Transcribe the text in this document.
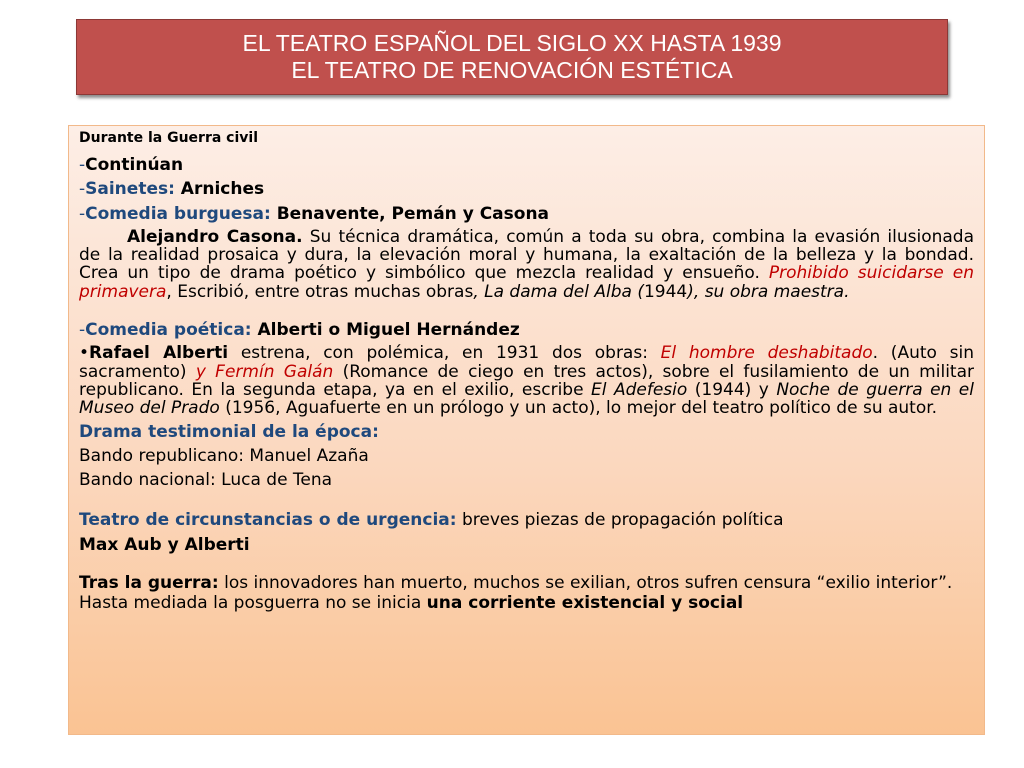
EL TEATRO ESPAÑOL DEL SIGLO XX HASTA 1939
EL TEATRO DE RENOVACIÓN ESTÉTICA

Durante la Guerra civil

-Continúan

-Sainetes: Arniches

-Comedia burguesa: Benavente, Pemán y Casona

Alejandro Casona. Su técnica dramática, común a toda su obra, combina la evasión ilusionada de la realidad prosaica y dura, la elevación moral y humana, la exaltación de la belleza y la bondad. Crea un tipo de drama poético y simbólico que mezcla realidad y ensueño. Prohibido suicidarse en primavera, Escribió, entre otras muchas obras, La dama del Alba (1944), su obra maestra.

-Comedia poética: Alberti o Miguel Hernández

•Rafael Alberti estrena, con polémica, en 1931 dos obras: El hombre deshabitado. (Auto sin sacramento) y Fermín Galán (Romance de ciego en tres actos), sobre el fusilamiento de un militar republicano. En la segunda etapa, ya en el exilio, escribe El Adefesio (1944) y Noche de guerra en el Museo del Prado (1956, Aguafuerte en un prólogo y un acto), lo mejor del teatro político de su autor.

Drama testimonial de la época:

Bando republicano: Manuel Azaña

Bando nacional: Luca de Tena

Teatro de circunstancias o de urgencia: breves piezas de propagación política

Max Aub y Alberti

Tras la guerra: los innovadores han muerto, muchos se exilian, otros sufren censura “exilio interior”.

Hasta mediada la posguerra no se inicia una corriente existencial y social
